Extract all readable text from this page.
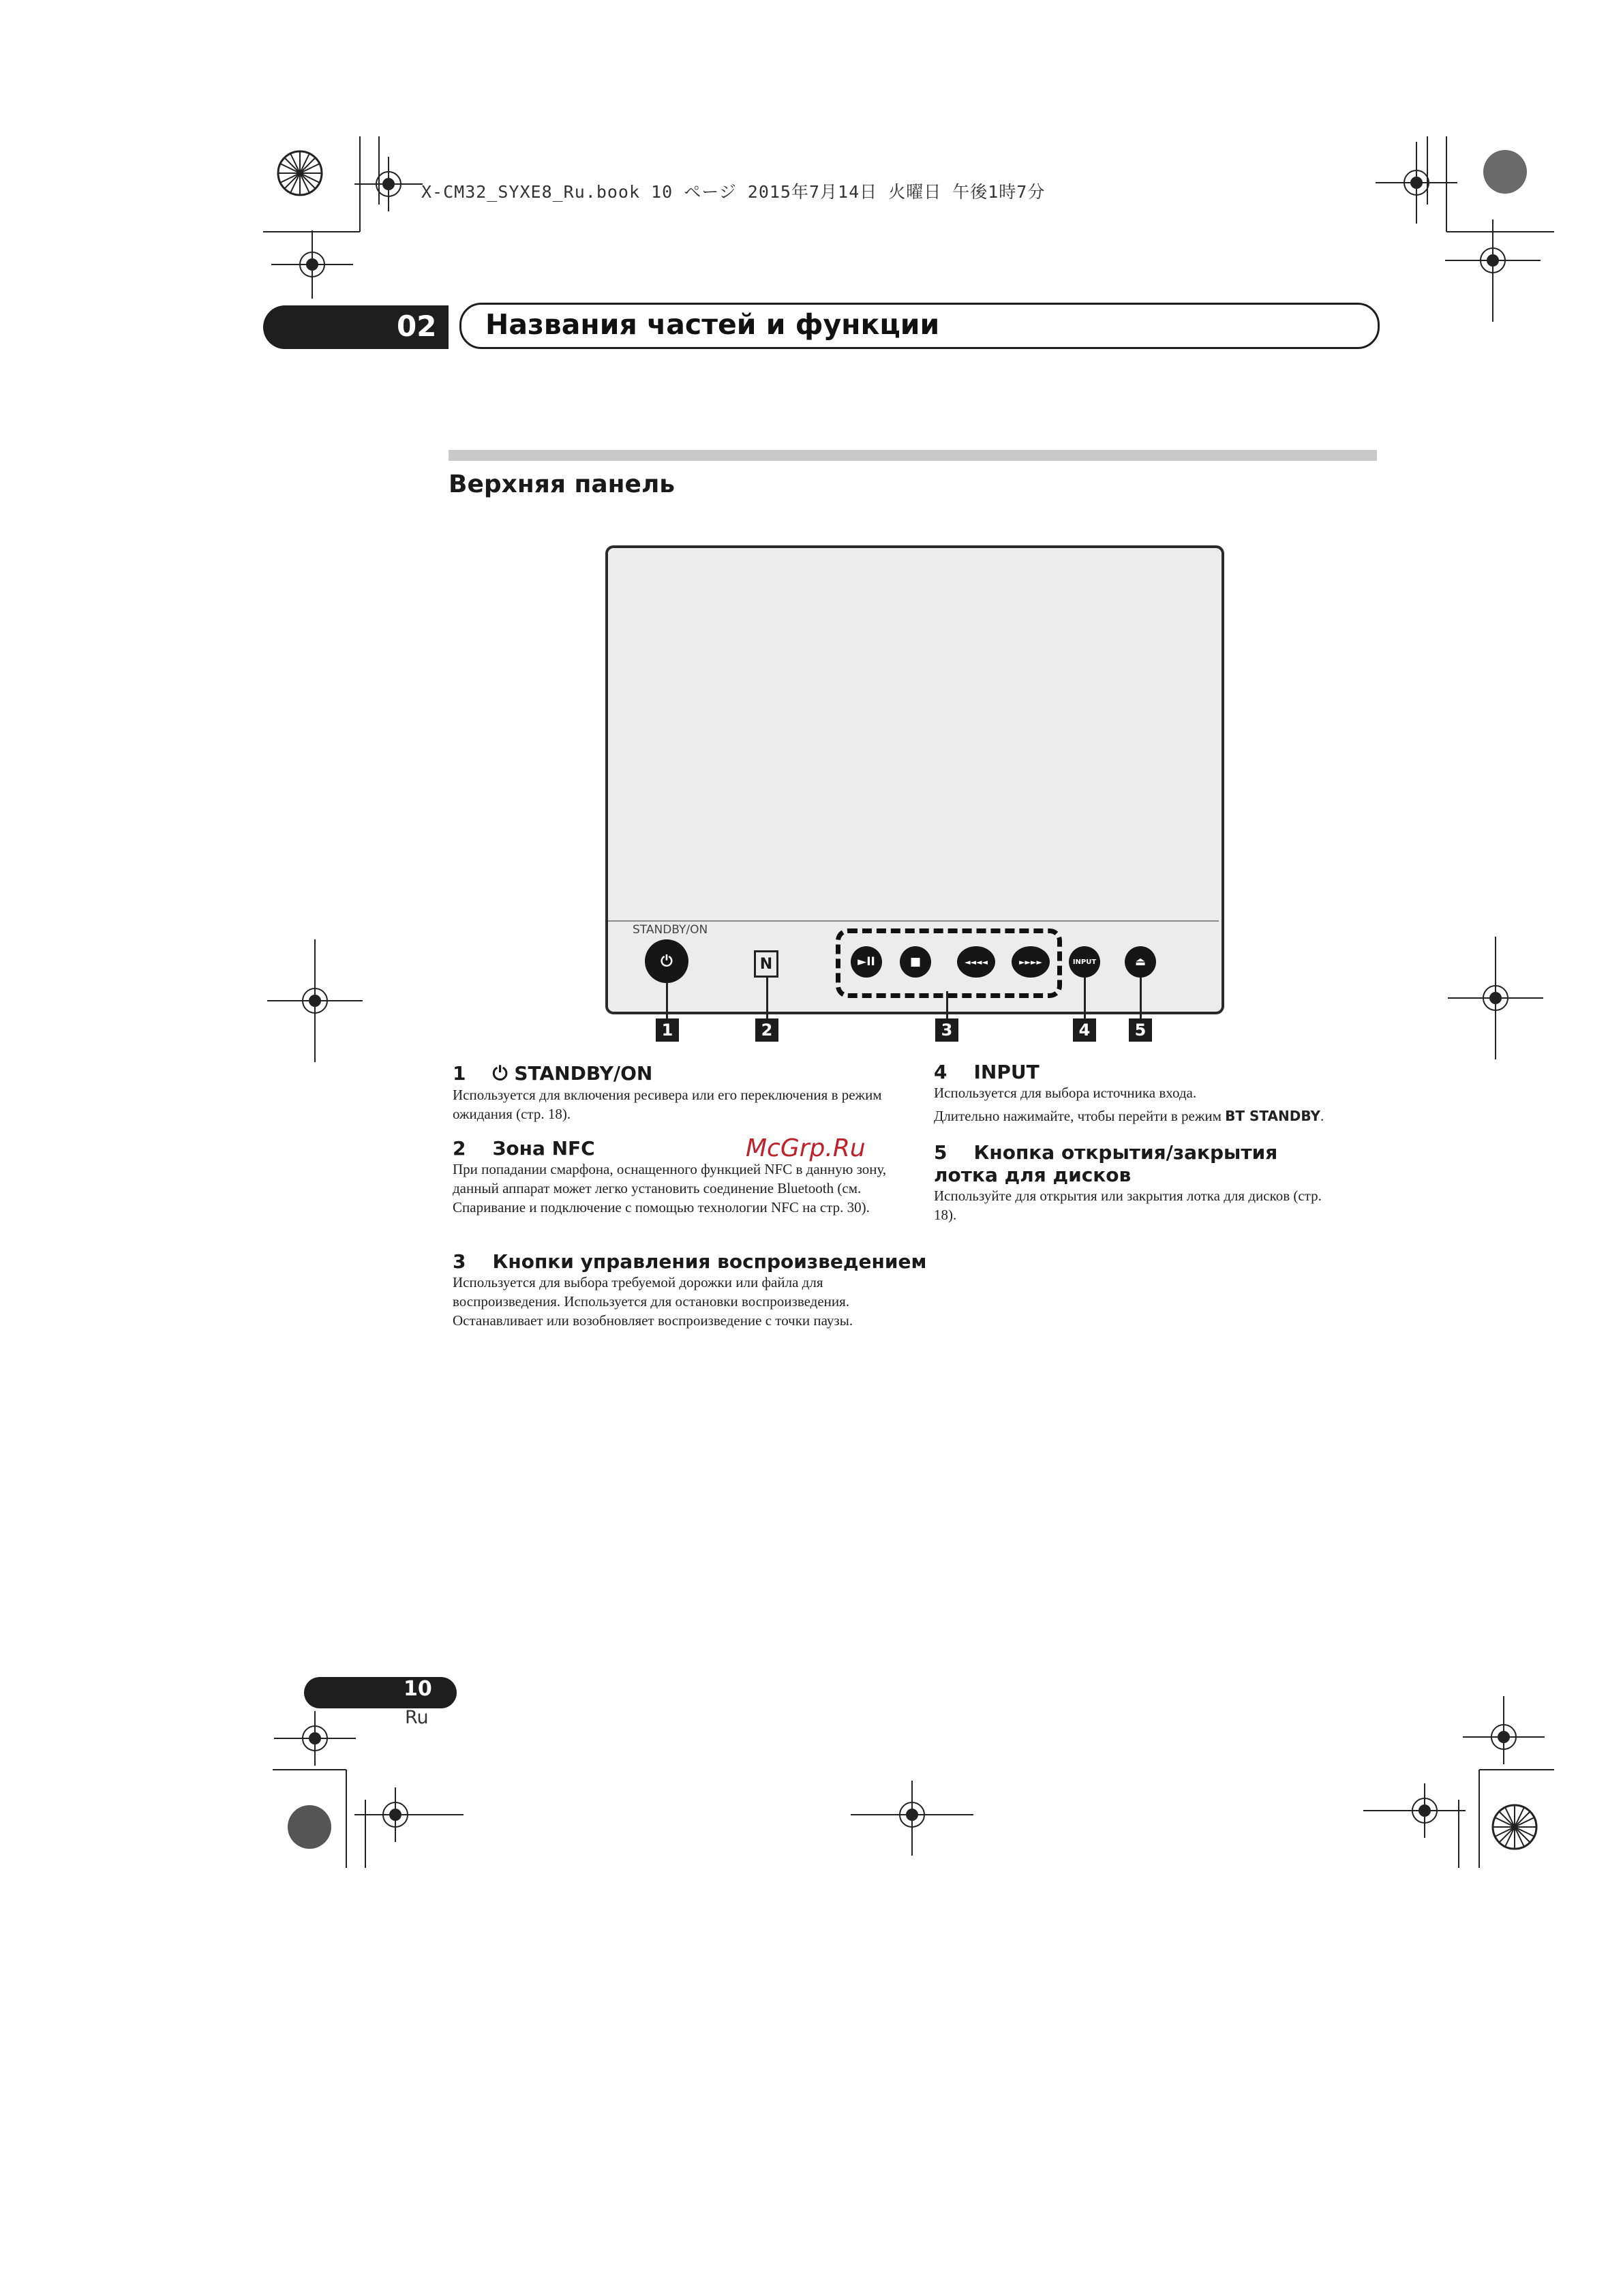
X-CM32_SYXE8_Ru.book 10 ページ 2015年7月14日 火曜日 午後1時7分
02 Названия частей и функции
Верхняя панель
STANDBY/ON
⏻	N	►II	■	◄◄◄◄	►►►►	INPUT	⏏
1	2	3	4	5
1 ⏻ STANDBY/ON
Используется для включения ресивера или его переключения в режим ожидания (стр. 18).
2 Зона NFC
При попадании смарфона, оснащенного функцией NFC в данную зону, данный аппарат может легко установить соединение Bluetooth (см. Спаривание и подключение с помощью технологии NFC на стр. 30).
3 Кнопки управления воспроизведением
Используется для выбора требуемой дорожки или файла для воспроизведения. Используется для остановки воспроизведения. Останавливает или возобновляет воспроизведение с точки паузы.
4 INPUT
Используется для выбора источника входа.
Длительно нажимайте, чтобы перейти в режим BT STANDBY.
5 Кнопка открытия/закрытия лотка для дисков
Используйте для открытия или закрытия лотка для дисков (стр. 18).
McGrp.Ru
10
Ru
